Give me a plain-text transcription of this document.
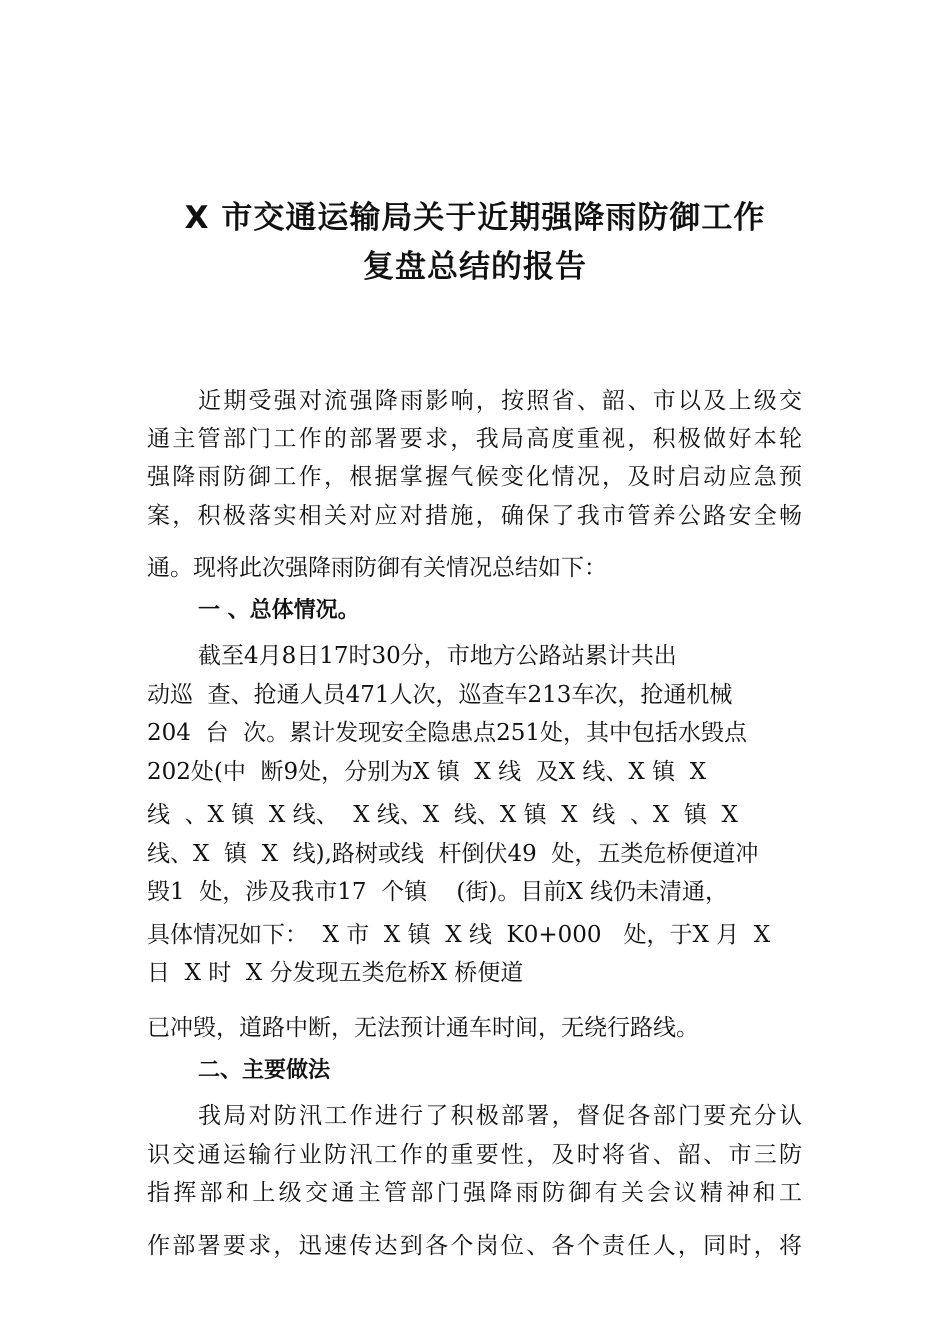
X 市交通运输局关于近期强降雨防御工作
复盘总结的报告
近期受强对流强降雨影响，按照省、韶、市以及上级交
通主管部门工作的部署要求，我局高度重视，积极做好本轮
强降雨防御工作，根据掌握气候变化情况，及时启动应急预
案，积极落实相关对应对措施，确保了我市管养公路安全畅
通。现将此次强降雨防御有关情况总结如下：
一 、总体情况。
截至4月8日17时30分，市地方公路站累计共出
动巡  查、抢通人员471人次，巡查车213车次，抢通机械
204  台  次。累计发现安全隐患点251处，其中包括水毁点
202处(中  断9处，分别为X 镇  X 线  及X 线、X 镇  X
线  、X 镇  X 线、  X 线、X  线、X 镇  X  线  、X  镇  X
线、X  镇  X  线),路树或线  杆倒伏49  处，五类危桥便道冲
毁1  处，涉及我市17  个镇    (街)。目前X 线仍未清通，
具体情况如下：  X 市  X 镇  X 线  K0+000   处，于X 月  X
日  X 时  X 分发现五类危桥X 桥便道
已冲毁，道路中断，无法预计通车时间，无绕行路线。
二、主要做法
我局对防汛工作进行了积极部署，督促各部门要充分认
识交通运输行业防汛工作的重要性，及时将省、韶、市三防
指挥部和上级交通主管部门强降雨防御有关会议精神和工
作部署要求，迅速传达到各个岗位、各个责任人，同时，将
